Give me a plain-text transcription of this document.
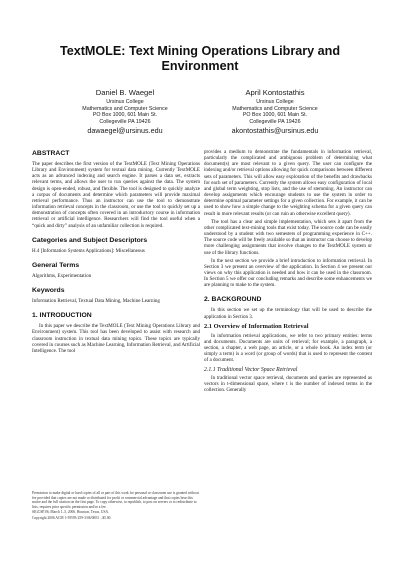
TextMOLE: Text Mining Operations Library and Environment
Daniel B. Waegel
Ursinus College
Mathematics and Computer Science
PO Box 1000, 601 Main St.
Collegeville PA 19426
dawaegel@ursinus.edu
April Kontostathis
Ursinus College
Mathematics and Computer Science
PO Box 1000, 601 Main St.
Collegeville PA 19426
akontostathis@ursinus.edu
ABSTRACT

The paper describes the first version of the TextMOLE (Text Mining Operations Library and Environment) system for textual data mining. Currently TextMOLE acts as an advanced indexing and search engine. It parses a data set, extracts relevant terms, and allows the user to run queries against the data. The system design is open-ended, robust, and flexible. The tool is designed to quickly analyze a corpus of documents and determine which parameters will provide maximal retrieval performance. Thus an instructor can use the tool to demonstrate information retrieval concepts in the classroom, or use the tool to quickly set up a demonstration of concepts often covered in an introductory course in information retrieval or artificial intelligence. Researchers will find the tool useful when a “quick and dirty” analysis of an unfamiliar collection is required.

Categories and Subject Descriptors

H.4 [Information Systems Applications]: Miscellaneous

General Terms

Algorithms, Experimentation

Keywords

Information Retrieval, Textual Data Mining, Machine Learning

1. INTRODUCTION

In this paper we describe the TextMOLE (Text Mining Operations Library and Environment) system. This tool has been developed to assist with research and classroom instruction in textual data mining topics. These topics are typically covered in courses such as Machine Learning, Information Retrieval, and Artificial Intelligence. The tool

Permission to make digital or hard copies of all or part of this work for personal or classroom use is granted without fee provided that copies are not made or distributed for profit or commercial advantage and that copies bear this notice and the full citation on the first page. To copy otherwise, to republish, to post on servers or to redistribute to lists, requires prior specific permission and/or a fee.

SIGCSE'06, March 1–5, 2006, Houston, Texas, USA.

Copyright 2006 ACM 1-59593-259-3/06/0003 ...$5.00.

provides a medium to demonstrate the fundamentals in information retrieval, particularly the complicated and ambiguous problem of determining what document(s) are most relevant to a given query. The user can configure the indexing and/or retrieval options allowing for quick comparisons between different sets of parameters. This will allow easy exploration of the benefits and drawbacks for each set of parameters. Currently the system allows easy configuration of local and global term weighting, stop lists, and the use of stemming. An instructor can develop assignments which encourage students to use the system in order to determine optimal parameter settings for a given collection. For example, it can be used to show how a simple change to the weighting schema for a given query can result in more relevant results (or can ruin an otherwise excellent query).

The tool has a clear and simple implementation, which sets it apart from the other complicated text-mining tools that exist today. The source code can be easily understood by a student with two semesters of programming experience in C++. The source code will be freely available so that an instructor can choose to develop more challenging assignments that involve changes to the TextMOLE system or use of the library functions.

In the next section we provide a brief introduction to information retrieval. In Section 3 we present an overview of the application. In Section 4 we present our views on why this application is needed and how it can be used in the classroom. In Section 5 we offer our concluding remarks and describe some enhancements we are planning to make to the system.

2. BACKGROUND

In this section we set up the terminology that will be used to describe the application in Section 3.

2.1 Overview of Information Retrieval

In information retrieval applications, we refer to two primary entities: terms and documents. Documents are units of retrieval; for example, a paragraph, a section, a chapter, a web page, an article, or a whole book. An index term (or simply a term) is a word (or group of words) that is used to represent the content of a document.

2.1.1 Traditional Vector Space Retrieval

In traditional vector space retrieval, documents and queries are represented as vectors in t-dimensional space, where t is the number of indexed terms in the collection. Generally
